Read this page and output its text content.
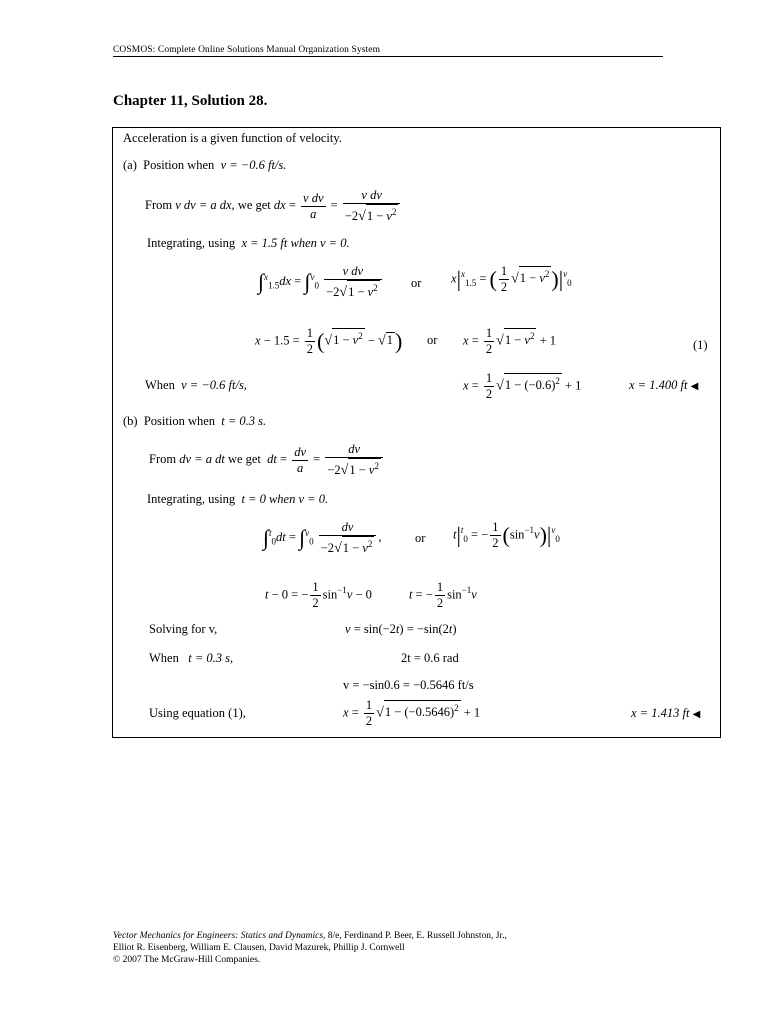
COSMOS: Complete Online Solutions Manual Organization System
Chapter 11, Solution 28.
Acceleration is a given function of velocity.
(a) Position when v = −0.6 ft/s.
From v dv = a dx, we get dx = $\frac{\text{v dv}}{a} = \frac{\text{v dv}}{-2√1 - v^2}$
Integrating, using x = 1.5 ft when v = 0.
$\int^x_{1.5}dx = \int^v_0 \frac{\text{v dv}}{-2√1 - v^2}$ or $x|^x_{1.5}$ = ( $\frac{1}{2} √1 - v^2)|^v_0$
$x - 1.5 = \frac{1}{2} (√1 - v^2 - √1)$ or $x = \frac{1}{2} √1 - v^2 + 1$	(1)
When v = −0.6 ft/s,	$x = \frac{1}{2} √1 - (-0.6)^2 + 1$	x = 1.400 ft ◀
(b) Position when t = 0.3 s.
From dv = a dt we get dt = $\frac{dv}{a} = \frac{dv}{-2√1 - v^2}$
Integrating, using t = 0 when v = 0.
$\int^t_0dt = \int^v_0 \frac{dv}{-2√1 - v^2}$ ,	or $t|^t_0$ = − $\frac{1}{2} (\sin^{-1}v)|^v_0$
t − 0 = − $\frac{1}{2} \sin^{-1}v - 0$	t = − $\frac{1}{2} \sin^{-1}v$
Solving for v,	v = sin(−2t) = −sin(2t)
When t = 0.3 s,	2t = 0.6 rad
v = −sin0.6 = −0.5646 ft/s
Using equation (1),	$x = \frac{1}{2} √1 - (-0.5646)^2 + 1$	x = 1.413 ft ◀
Vector Mechanics for Engineers: Statics and Dynamics, 8/e, Ferdinand P. Beer, E. Russell Johnston, Jr.,
Elliot R. Eisenberg, William E. Clausen, David Mazurek, Phillip J. Cornwell
© 2007 The McGraw-Hill Companies.
